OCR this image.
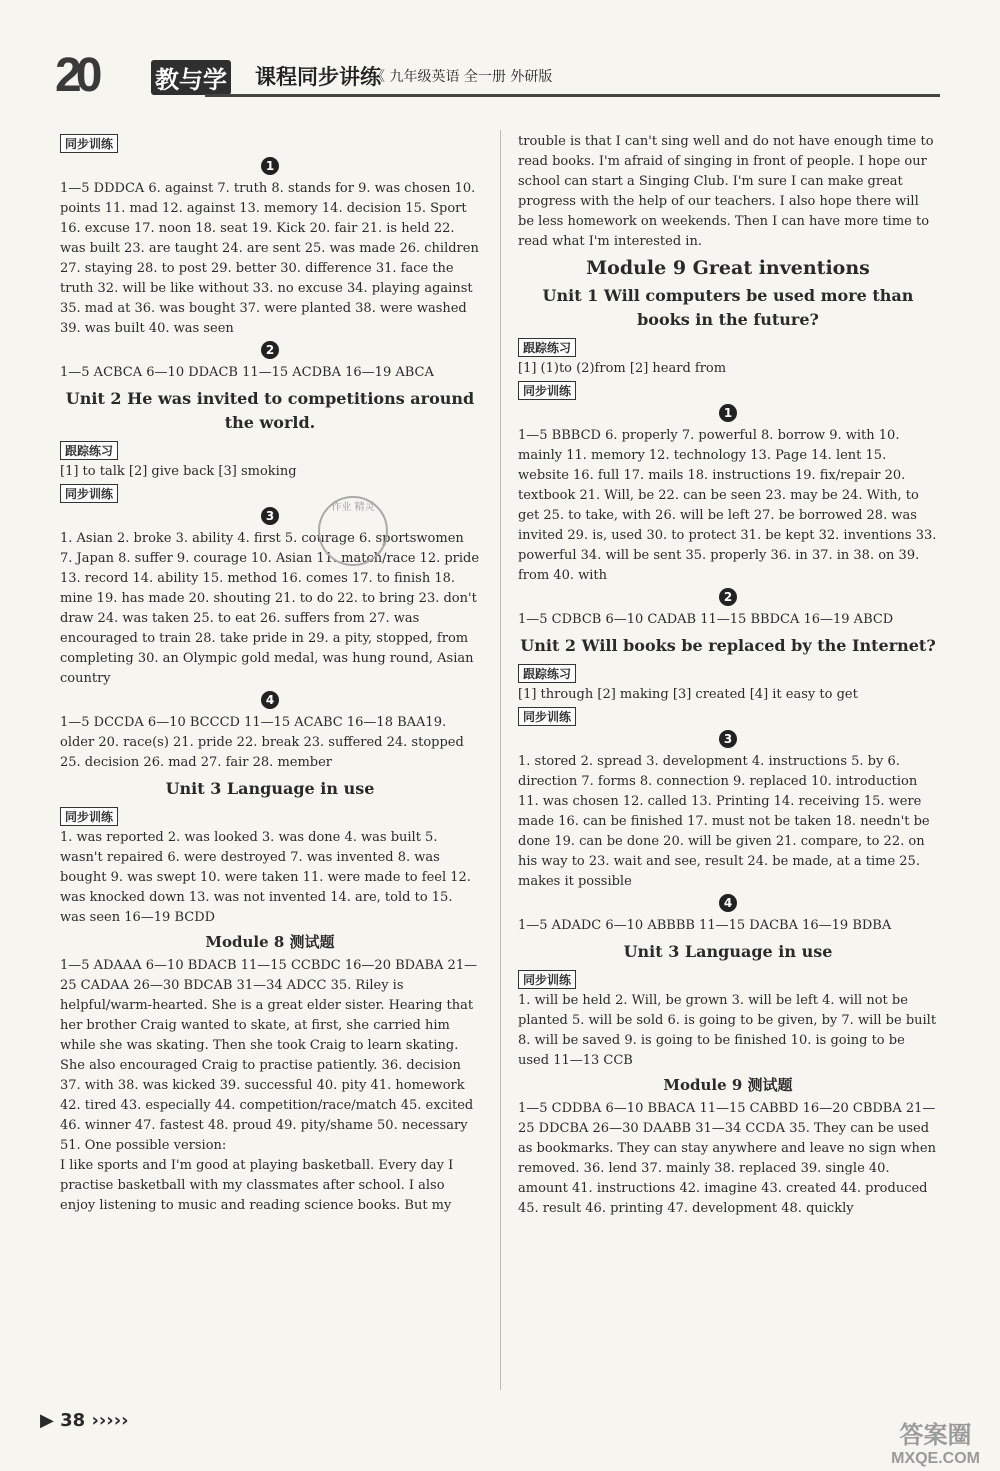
20 教与学 课程同步讲练
《 九年级英语 全一册 外研版
同步训练
1

1—5 DDDCA 6. against 7. truth 8. stands for 9. was chosen 10. points 11. mad 12. against 13. memory 14. decision 15. Sport 16. excuse 17. noon 18. seat 19. Kick 20. fair 21. is held 22. was built 23. are taught 24. are sent 25. was made 26. children 27. staying 28. to post 29. better 30. difference 31. face the truth 32. will be like without 33. no excuse 34. playing against 35. mad at 36. was bought 37. were planted 38. were washed 39. was built 40. was seen

2

1—5 ACBCA 6—10 DDACB 11—15 ACDBA 16—19 ABCA

Unit 2 He was invited to competitions around the world.
跟踪练习

[1] to talk [2] give back [3] smoking

同步训练
3

1. Asian 2. broke 3. ability 4. first 5. courage 6. sportswomen 7. Japan 8. suffer 9. courage 10. Asian 11. match/race 12. pride 13. record 14. ability 15. method 16. comes 17. to finish 18. mine 19. has made 20. shouting 21. to do 22. to bring 23. don't draw 24. was taken 25. to eat 26. suffers from 27. was encouraged to train 28. take pride in 29. a pity, stopped, from completing 30. an Olympic gold medal, was hung round, Asian country

4

1—5 DCCDA 6—10 BCCCD 11—15 ACABC 16—18 BAA19. older 20. race(s) 21. pride 22. break 23. suffered 24. stopped 25. decision 26. mad 27. fair 28. member

Unit 3 Language in use
同步训练

1. was reported 2. was looked 3. was done 4. was built 5. wasn't repaired 6. were destroyed 7. was invented 8. was bought 9. was swept 10. were taken 11. were made to feel 12. was knocked down 13. was not invented 14. are, told to 15. was seen 16—19 BCDD

Module 8 测试题

1—5 ADAAA 6—10 BDACB 11—15 CCBDC 16—20 BDABA 21—25 CADAA 26—30 BDCAB 31—34 ADCC 35. Riley is helpful/warm-hearted. She is a great elder sister. Hearing that her brother Craig wanted to skate, at first, she carried him while she was skating. Then she took Craig to learn skating. She also encouraged Craig to practise patiently. 36. decision 37. with 38. was kicked 39. successful 40. pity 41. homework 42. tired 43. especially 44. competition/race/match 45. excited 46. winner 47. fastest 48. proud 49. pity/shame 50. necessary 51. One possible version:

I like sports and I'm good at playing basketball. Every day I practise basketball with my classmates after school. I also enjoy listening to music and reading science books. But my

trouble is that I can't sing well and do not have enough time to read books. I'm afraid of singing in front of people. I hope our school can start a Singing Club. I'm sure I can make great progress with the help of our teachers. I also hope there will be less homework on weekends. Then I can have more time to read what I'm interested in.

Module 9 Great inventions
Unit 1 Will computers be used more than books in the future?
跟踪练习

[1] (1)to (2)from [2] heard from

同步训练
1

1—5 BBBCD 6. properly 7. powerful 8. borrow 9. with 10. mainly 11. memory 12. technology 13. Page 14. lent 15. website 16. full 17. mails 18. instructions 19. fix/repair 20. textbook 21. Will, be 22. can be seen 23. may be 24. With, to get 25. to take, with 26. will be left 27. be borrowed 28. was invited 29. is, used 30. to protect 31. be kept 32. inventions 33. powerful 34. will be sent 35. properly 36. in 37. in 38. on 39. from 40. with

2

1—5 CDBCB 6—10 CADAB 11—15 BBDCA 16—19 ABCD

Unit 2 Will books be replaced by the Internet?
跟踪练习

[1] through [2] making [3] created [4] it easy to get

同步训练
3

1. stored 2. spread 3. development 4. instructions 5. by 6. direction 7. forms 8. connection 9. replaced 10. introduction 11. was chosen 12. called 13. Printing 14. receiving 15. were made 16. can be finished 17. must not be taken 18. needn't be done 19. can be done 20. will be given 21. compare, to 22. on his way to 23. wait and see, result 24. be made, at a time 25. makes it possible

4

1—5 ADADC 6—10 ABBBB 11—15 DACBA 16—19 BDBA

Unit 3 Language in use
同步训练

1. will be held 2. Will, be grown 3. will be left 4. will not be planted 5. will be sold 6. is going to be given, by 7. will be built 8. will be saved 9. is going to be finished 10. is going to be used 11—13 CCB

Module 9 测试题

1—5 CDDBA 6—10 BBACA 11—15 CABBD 16—20 CBDBA 21—25 DDCBA 26—30 DAABB 31—34 CCDA 35. They can be used as bookmarks. They can stay anywhere and leave no sign when removed. 36. lend 37. mainly 38. replaced 39. single 40. amount 41. instructions 42. imagine 43. created 44. produced 45. result 46. printing 47. development 48. quickly

作业 精灵
▶ 38 ›››››
答案圈
MXQE.COM
